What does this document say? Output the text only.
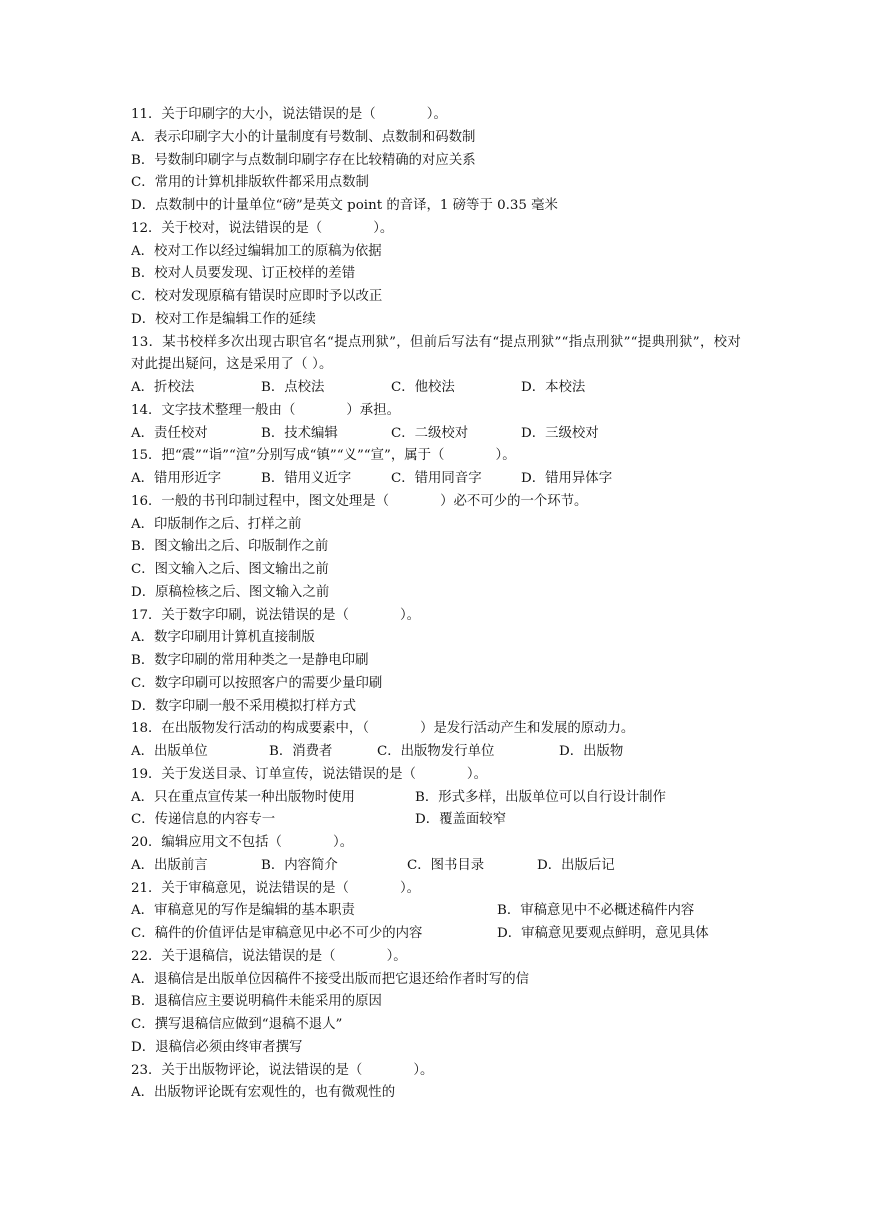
11．关于印刷字的大小，说法错误的是（            ）。
A．表示印刷字大小的计量制度有号数制、点数制和码数制
B．号数制印刷字与点数制印刷字存在比较精确的对应关系
C．常用的计算机排版软件都采用点数制
D．点数制中的计量单位“磅”是英文 point 的音译，1 磅等于 0.35 毫米
12．关于校对，说法错误的是（            ）。
A．校对工作以经过编辑加工的原稿为依据
B．校对人员要发现、订正校样的差错
C．校对发现原稿有错误时应即时予以改正
D．校对工作是编辑工作的延续
13．某书校样多次出现古职官名“提点刑狱”，但前后写法有“提点刑狱”“指点刑狱”“提典刑狱”，校对对此提出疑问，这是采用了（ ）。

A．折校法

	B．点校法

	C．他校法

	D．本校法

14．文字技术整理一般由（            ）承担。

A．责任校对

	B．技术编辑

	C．二级校对

	D．三级校对

15．把“震”“诣”“渲”分别写成“镇”“义”“宣”，属于（            ）。

A．错用形近字

	B．错用义近字

	C．错用同音字

	D．错用异体字

16．一般的书刊印制过程中，图文处理是（            ）必不可少的一个环节。
A．印版制作之后、打样之前
B．图文输出之后、印版制作之前
C．图文输入之后、图文输出之前
D．原稿检核之后、图文输入之前
17．关于数字印刷，说法错误的是（            ）。
A．数字印刷用计算机直接制版
B．数字印刷的常用种类之一是静电印刷
C．数字印刷可以按照客户的需要少量印刷
D．数字印刷一般不采用模拟打样方式
18．在出版物发行活动的构成要素中，（            ）是发行活动产生和发展的原动力。

A．出版单位

	B．消费者

	C．出版物发行单位

	D．出版物

19．关于发送目录、订单宣传，说法错误的是（            ）。

A．只在重点宣传某一种出版物时使用

	B．形式多样，出版单位可以自行设计制作

C．传递信息的内容专一

	D．覆盖面较窄

20．编辑应用文不包括（            ）。

A．出版前言

	B．内容简介

	C．图书目录

	D．出版后记

21．关于审稿意见，说法错误的是（            ）。

A．审稿意见的写作是编辑的基本职责

	B．审稿意见中不必概述稿件内容

C．稿件的价值评估是审稿意见中必不可少的内容

	D．审稿意见要观点鲜明，意见具体

22．关于退稿信，说法错误的是（            ）。
A．退稿信是出版单位因稿件不接受出版而把它退还给作者时写的信
B．退稿信应主要说明稿件未能采用的原因
C．撰写退稿信应做到“退稿不退人”
D．退稿信必须由终审者撰写
23．关于出版物评论，说法错误的是（            ）。
A．出版物评论既有宏观性的，也有微观性的
